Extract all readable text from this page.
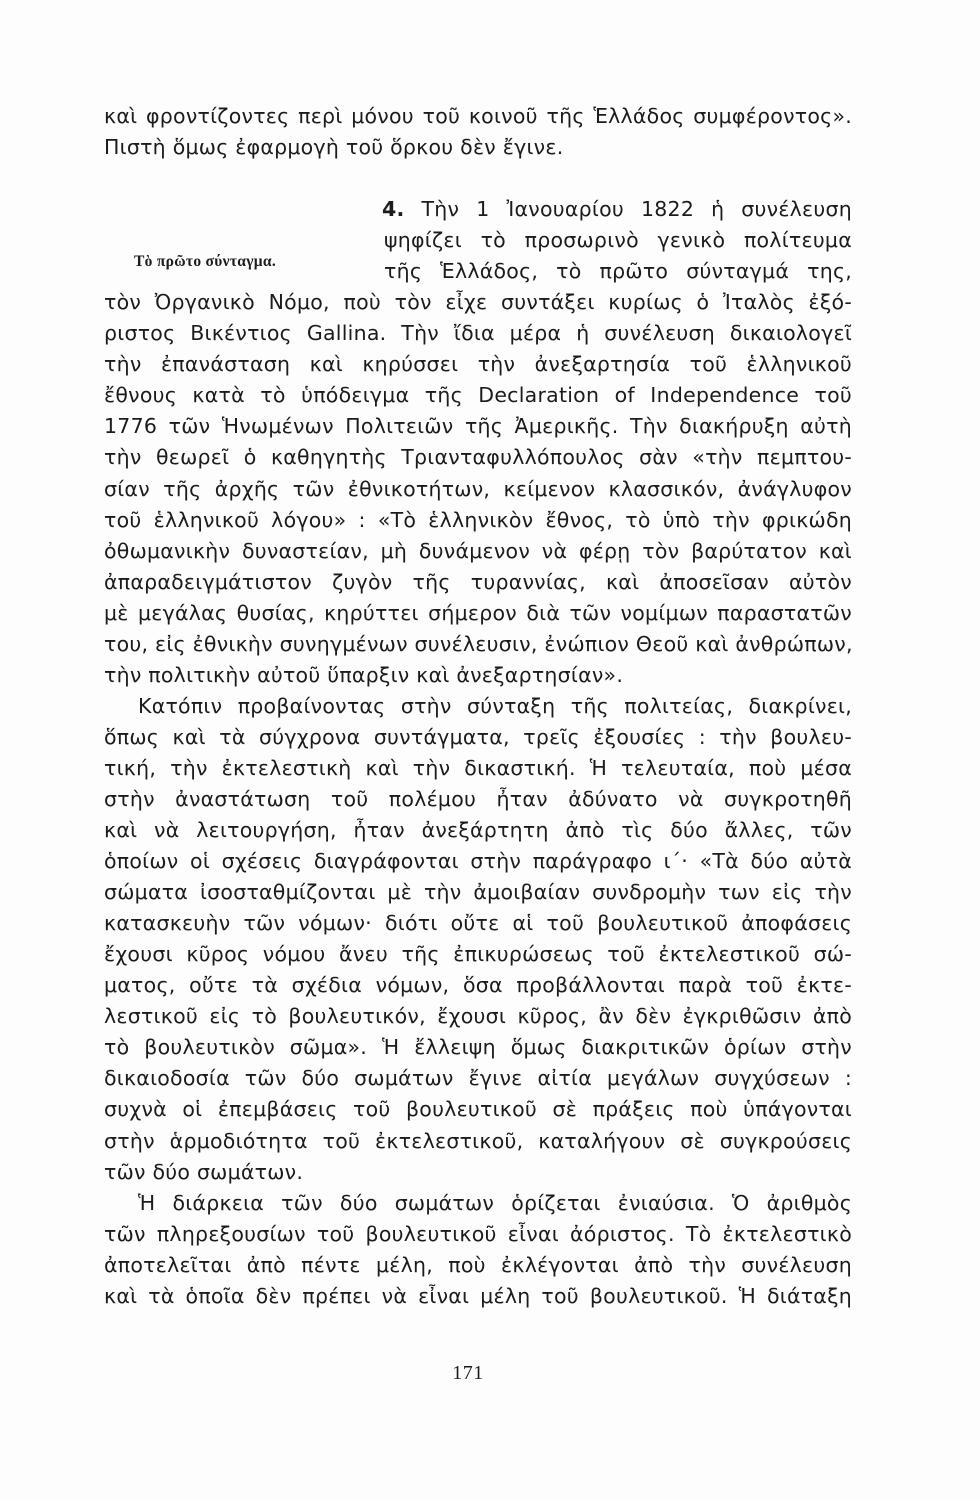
Τὸ πρῶτο σύνταγμα.
καὶ φροντίζοντες περὶ μόνου τοῦ κοινοῦ τῆς Ἑλλάδος συμφέροντος».
Πιστὴ ὅμως ἐφαρμογὴ τοῦ ὅρκου δὲν ἔγινε.
4. Τὴν 1 Ἰανουαρίου 1822 ἡ συνέλευση
ψηφίζει τὸ προσωρινὸ γενικὸ πολίτευμα
τῆς Ἑλλάδος, τὸ πρῶτο σύνταγμά της,
τὸν Ὀργανικὸ Νόμο, ποὺ τὸν εἶχε συντάξει κυρίως ὁ Ἰταλὸς ἐξό-
ριστος Βικέντιος Gallina. Τὴν ἴδια μέρα ἡ συνέλευση δικαιολογεῖ
τὴν ἐπανάσταση καὶ κηρύσσει τὴν ἀνεξαρτησία τοῦ ἑλληνικοῦ
ἔθνους κατὰ τὸ ὑπόδειγμα τῆς Declaration of Independence τοῦ
1776 τῶν Ἡνωμένων Πολιτειῶν τῆς Ἀμερικῆς. Τὴν διακήρυξη αὐτὴ
τὴν θεωρεῖ ὁ καθηγητὴς Τριανταφυλλόπουλος σὰν «τὴν πεμπτου-
σίαν τῆς ἀρχῆς τῶν ἐθνικοτήτων, κείμενον κλασσικόν, ἀνάγλυφον
τοῦ ἑλληνικοῦ λόγου» : «Τὸ ἑλληνικὸν ἔθνος, τὸ ὑπὸ τὴν φρικώδη
ὀθωμανικὴν δυναστείαν, μὴ δυνάμενον νὰ φέρῃ τὸν βαρύτατον καὶ
ἀπαραδειγμάτιστον ζυγὸν τῆς τυραννίας, καὶ ἀποσεῖσαν αὐτὸν
μὲ μεγάλας θυσίας, κηρύττει σήμερον διὰ τῶν νομίμων παραστατῶν
του, εἰς ἐθνικὴν συνηγμένων συνέλευσιν, ἐνώπιον Θεοῦ καὶ ἀνθρώπων,
τὴν πολιτικὴν αὐτοῦ ὕπαρξιν καὶ ἀνεξαρτησίαν».
Κατόπιν προβαίνοντας στὴν σύνταξη τῆς πολιτείας, διακρίνει,
ὅπως καὶ τὰ σύγχρονα συντάγματα, τρεῖς ἐξουσίες : τὴν βουλευ-
τική, τὴν ἐκτελεστικὴ καὶ τὴν δικαστική. Ἡ τελευταία, ποὺ μέσα
στὴν ἀναστάτωση τοῦ πολέμου ἦταν ἀδύνατο νὰ συγκροτηθῆ
καὶ νὰ λειτουργήση, ἦταν ἀνεξάρτητη ἀπὸ τὶς δύο ἄλλες, τῶν
ὁποίων οἱ σχέσεις διαγράφονται στὴν παράγραφο ι΄· «Τὰ δύο αὐτὰ
σώματα ἰσοσταθμίζονται μὲ τὴν ἀμοιβαίαν συνδρομὴν των εἰς τὴν
κατασκευὴν τῶν νόμων· διότι οὔτε αἱ τοῦ βουλευτικοῦ ἀποφάσεις
ἔχουσι κῦρος νόμου ἄνευ τῆς ἐπικυρώσεως τοῦ ἐκτελεστικοῦ σώ-
ματος, οὔτε τὰ σχέδια νόμων, ὅσα προβάλλονται παρὰ τοῦ ἐκτε-
λεστικοῦ εἰς τὸ βουλευτικόν, ἔχουσι κῦρος, ἂν δὲν ἐγκριθῶσιν ἀπὸ
τὸ βουλευτικὸν σῶμα». Ἡ ἔλλειψη ὅμως διακριτικῶν ὁρίων στὴν
δικαιοδοσία τῶν δύο σωμάτων ἔγινε αἰτία μεγάλων συγχύσεων :
συχνὰ οἱ ἐπεμβάσεις τοῦ βουλευτικοῦ σὲ πράξεις ποὺ ὑπάγονται
στὴν ἁρμοδιότητα τοῦ ἐκτελεστικοῦ, καταλήγουν σὲ συγκρούσεις
τῶν δύο σωμάτων.
Ἡ διάρκεια τῶν δύο σωμάτων ὁρίζεται ἐνιαύσια. Ὁ ἀριθμὸς
τῶν πληρεξουσίων τοῦ βουλευτικοῦ εἶναι ἀόριστος. Τὸ ἐκτελεστικὸ
ἀποτελεῖται ἀπὸ πέντε μέλη, ποὺ ἐκλέγονται ἀπὸ τὴν συνέλευση
καὶ τὰ ὁποῖα δὲν πρέπει νὰ εἶναι μέλη τοῦ βουλευτικοῦ. Ἡ διάταξη
171
